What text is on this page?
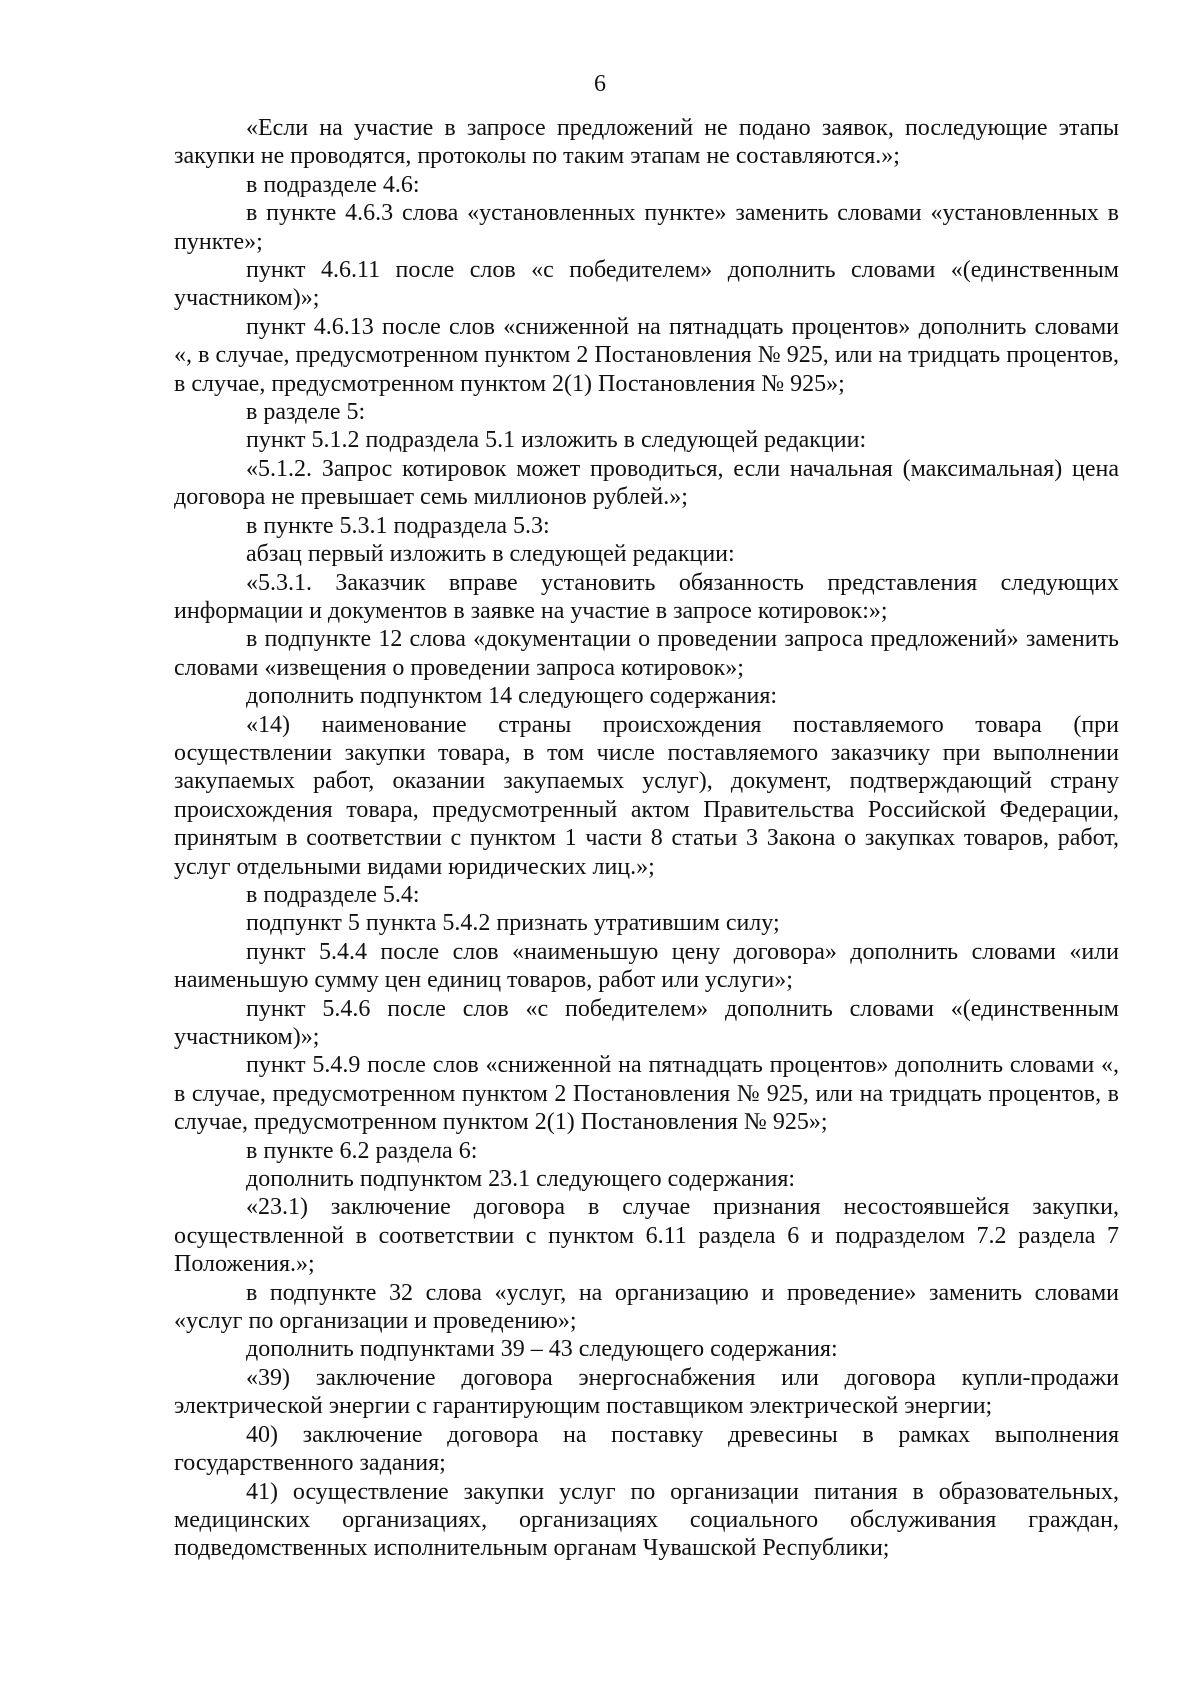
6

«Если на участие в запросе предложений не подано заявок, последующие этапы закупки не проводятся, протоколы по таким этапам не составляются.»;

в подразделе 4.6:

в пункте 4.6.3 слова «установленных пункте» заменить словами «установленных в пункте»;

пункт 4.6.11 после слов «с победителем» дополнить словами «(единственным участником)»;

пункт 4.6.13 после слов «сниженной на пятнадцать процентов» дополнить словами «, в случае, предусмотренном пунктом 2 Постановления № 925, или на тридцать процентов, в случае, предусмотренном пунктом 2(1) Постановления № 925»;

в разделе 5:

пункт 5.1.2 подраздела 5.1 изложить в следующей редакции:

«5.1.2. Запрос котировок может проводиться, если начальная (максимальная) цена договора не превышает семь миллионов рублей.»;

в пункте 5.3.1 подраздела 5.3:

абзац первый изложить в следующей редакции:

«5.3.1. Заказчик вправе установить обязанность представления следующих информации и документов в заявке на участие в запросе котировок:»;

в подпункте 12 слова «документации о проведении запроса предложений» заменить словами «извещения о проведении запроса котировок»;

дополнить подпунктом 14 следующего содержания:

«14) наименование страны происхождения поставляемого товара (при осуществлении закупки товара, в том числе поставляемого заказчику при выполнении закупаемых работ, оказании закупаемых услуг), документ, подтверждающий страну происхождения товара, предусмотренный актом Правительства Российской Федерации, принятым в соответствии с пунктом 1 части 8 статьи 3 Закона о закупках товаров, работ, услуг отдельными видами юридических лиц.»;

в подразделе 5.4:

подпункт 5 пункта 5.4.2 признать утратившим силу;

пункт 5.4.4 после слов «наименьшую цену договора» дополнить словами «или наименьшую сумму цен единиц товаров, работ или услуги»;

пункт 5.4.6 после слов «с победителем» дополнить словами «(единственным участником)»;

пункт 5.4.9 после слов «сниженной на пятнадцать процентов» дополнить словами «, в случае, предусмотренном пунктом 2 Постановления № 925, или на тридцать процентов, в случае, предусмотренном пунктом 2(1) Постановления № 925»;

в пункте 6.2 раздела 6:

дополнить подпунктом 23.1 следующего содержания:

«23.1) заключение договора в случае признания несостоявшейся закупки, осуществленной в соответствии с пунктом 6.11 раздела 6 и подразделом 7.2 раздела 7 Положения.»;

в подпункте 32 слова «услуг, на организацию и проведение» заменить словами «услуг по организации и проведению»;

дополнить подпунктами 39 – 43 следующего содержания:

«39) заключение договора энергоснабжения или договора купли-продажи электрической энергии с гарантирующим поставщиком электрической энергии;

40) заключение договора на поставку древесины в рамках выполнения государственного задания;

41) осуществление закупки услуг по организации питания в образовательных, медицинских организациях, организациях социального обслуживания граждан, подведомственных исполнительным органам Чувашской Республики;
